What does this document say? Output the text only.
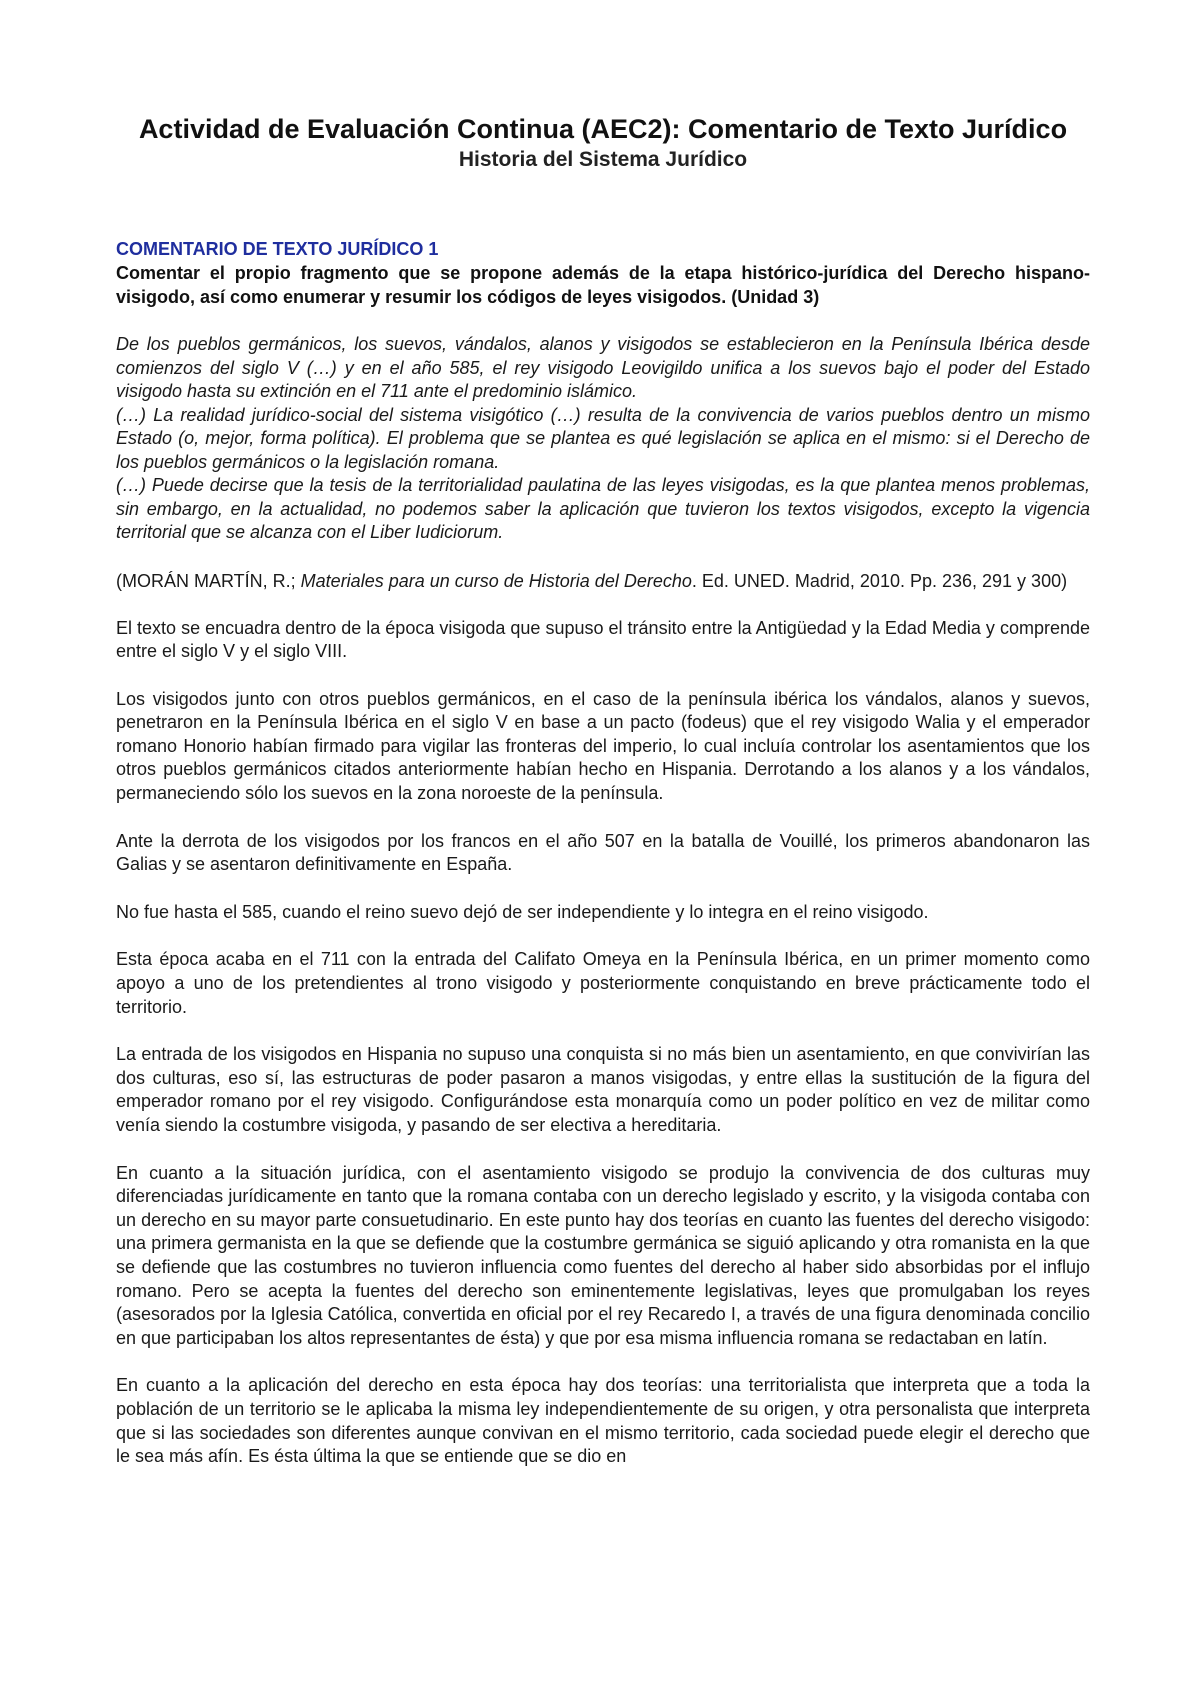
Actividad de Evaluación Continua (AEC2): Comentario de Texto Jurídico
Historia del Sistema Jurídico
COMENTARIO DE TEXTO JURÍDICO 1
Comentar el propio fragmento que se propone además de la etapa histórico-jurídica del Derecho hispano-visigodo, así como enumerar y resumir los códigos de leyes visigodos. (Unidad 3)

De los pueblos germánicos, los suevos, vándalos, alanos y visigodos se establecieron en la Península Ibérica desde comienzos del siglo V (…) y en el año 585, el rey visigodo Leovigildo unifica a los suevos bajo el poder del Estado visigodo hasta su extinción en el 711 ante el predominio islámico.

(…) La realidad jurídico-social del sistema visigótico (…) resulta de la convivencia de varios pueblos dentro un mismo Estado (o, mejor, forma política). El problema que se plantea es qué legislación se aplica en el mismo: si el Derecho de los pueblos germánicos o la legislación romana.

(…) Puede decirse que la tesis de la territorialidad paulatina de las leyes visigodas, es la que plantea menos problemas, sin embargo, en la actualidad, no podemos saber la aplicación que tuvieron los textos visigodos, excepto la vigencia territorial que se alcanza con el Liber Iudiciorum.

(MORÁN MARTÍN, R.; Materiales para un curso de Historia del Derecho. Ed. UNED. Madrid, 2010. Pp. 236, 291 y 300)

El texto se encuadra dentro de la época visigoda que supuso el tránsito entre la Antigüedad y la Edad Media y comprende entre el siglo V y el siglo VIII.

Los visigodos junto con otros pueblos germánicos, en el caso de la península ibérica los vándalos, alanos y suevos, penetraron en la Península Ibérica en el siglo V en base a un pacto (fodeus) que el rey visigodo Walia y el emperador romano Honorio habían firmado para vigilar las fronteras del imperio, lo cual incluía controlar los asentamientos que los otros pueblos germánicos citados anteriormente habían hecho en Hispania. Derrotando a los alanos y a los vándalos, permaneciendo sólo los suevos en la zona noroeste de la península.

Ante la derrota de los visigodos por los francos en el año 507 en la batalla de Vouillé, los primeros abandonaron las Galias y se asentaron definitivamente en España.

No fue hasta el 585, cuando el reino suevo dejó de ser independiente y lo integra en el reino visigodo.

Esta época acaba en el 711 con la entrada del Califato Omeya en la Península Ibérica, en un primer momento como apoyo a uno de los pretendientes al trono visigodo y posteriormente conquistando en breve prácticamente todo el territorio.

La entrada de los visigodos en Hispania no supuso una conquista si no más bien un asentamiento, en que convivirían las dos culturas, eso sí, las estructuras de poder pasaron a manos visigodas, y entre ellas la sustitución de la figura del emperador romano por el rey visigodo. Configurándose esta monarquía como un poder político en vez de militar como venía siendo la costumbre visigoda, y pasando de ser electiva a hereditaria.

En cuanto a la situación jurídica, con el asentamiento visigodo se produjo la convivencia de dos culturas muy diferenciadas jurídicamente en tanto que la romana contaba con un derecho legislado y escrito, y la visigoda contaba con un derecho en su mayor parte consuetudinario. En este punto hay dos teorías en cuanto las fuentes del derecho visigodo: una primera germanista en la que se defiende que la costumbre germánica se siguió aplicando y otra romanista en la que se defiende que las costumbres no tuvieron influencia como fuentes del derecho al haber sido absorbidas por el influjo romano. Pero se acepta la fuentes del derecho son eminentemente legislativas, leyes que promulgaban los reyes (asesorados por la Iglesia Católica, convertida en oficial por el rey Recaredo I, a través de una figura denominada concilio en que participaban los altos representantes de ésta) y que por esa misma influencia romana se redactaban en latín.

En cuanto a la aplicación del derecho en esta época hay dos teorías: una territorialista que interpreta que a toda la población de un territorio se le aplicaba la misma ley independientemente de su origen, y otra personalista que interpreta que si las sociedades son diferentes aunque convivan en el mismo territorio, cada sociedad puede elegir el derecho que le sea más afín. Es ésta última la que se entiende que se dio en
